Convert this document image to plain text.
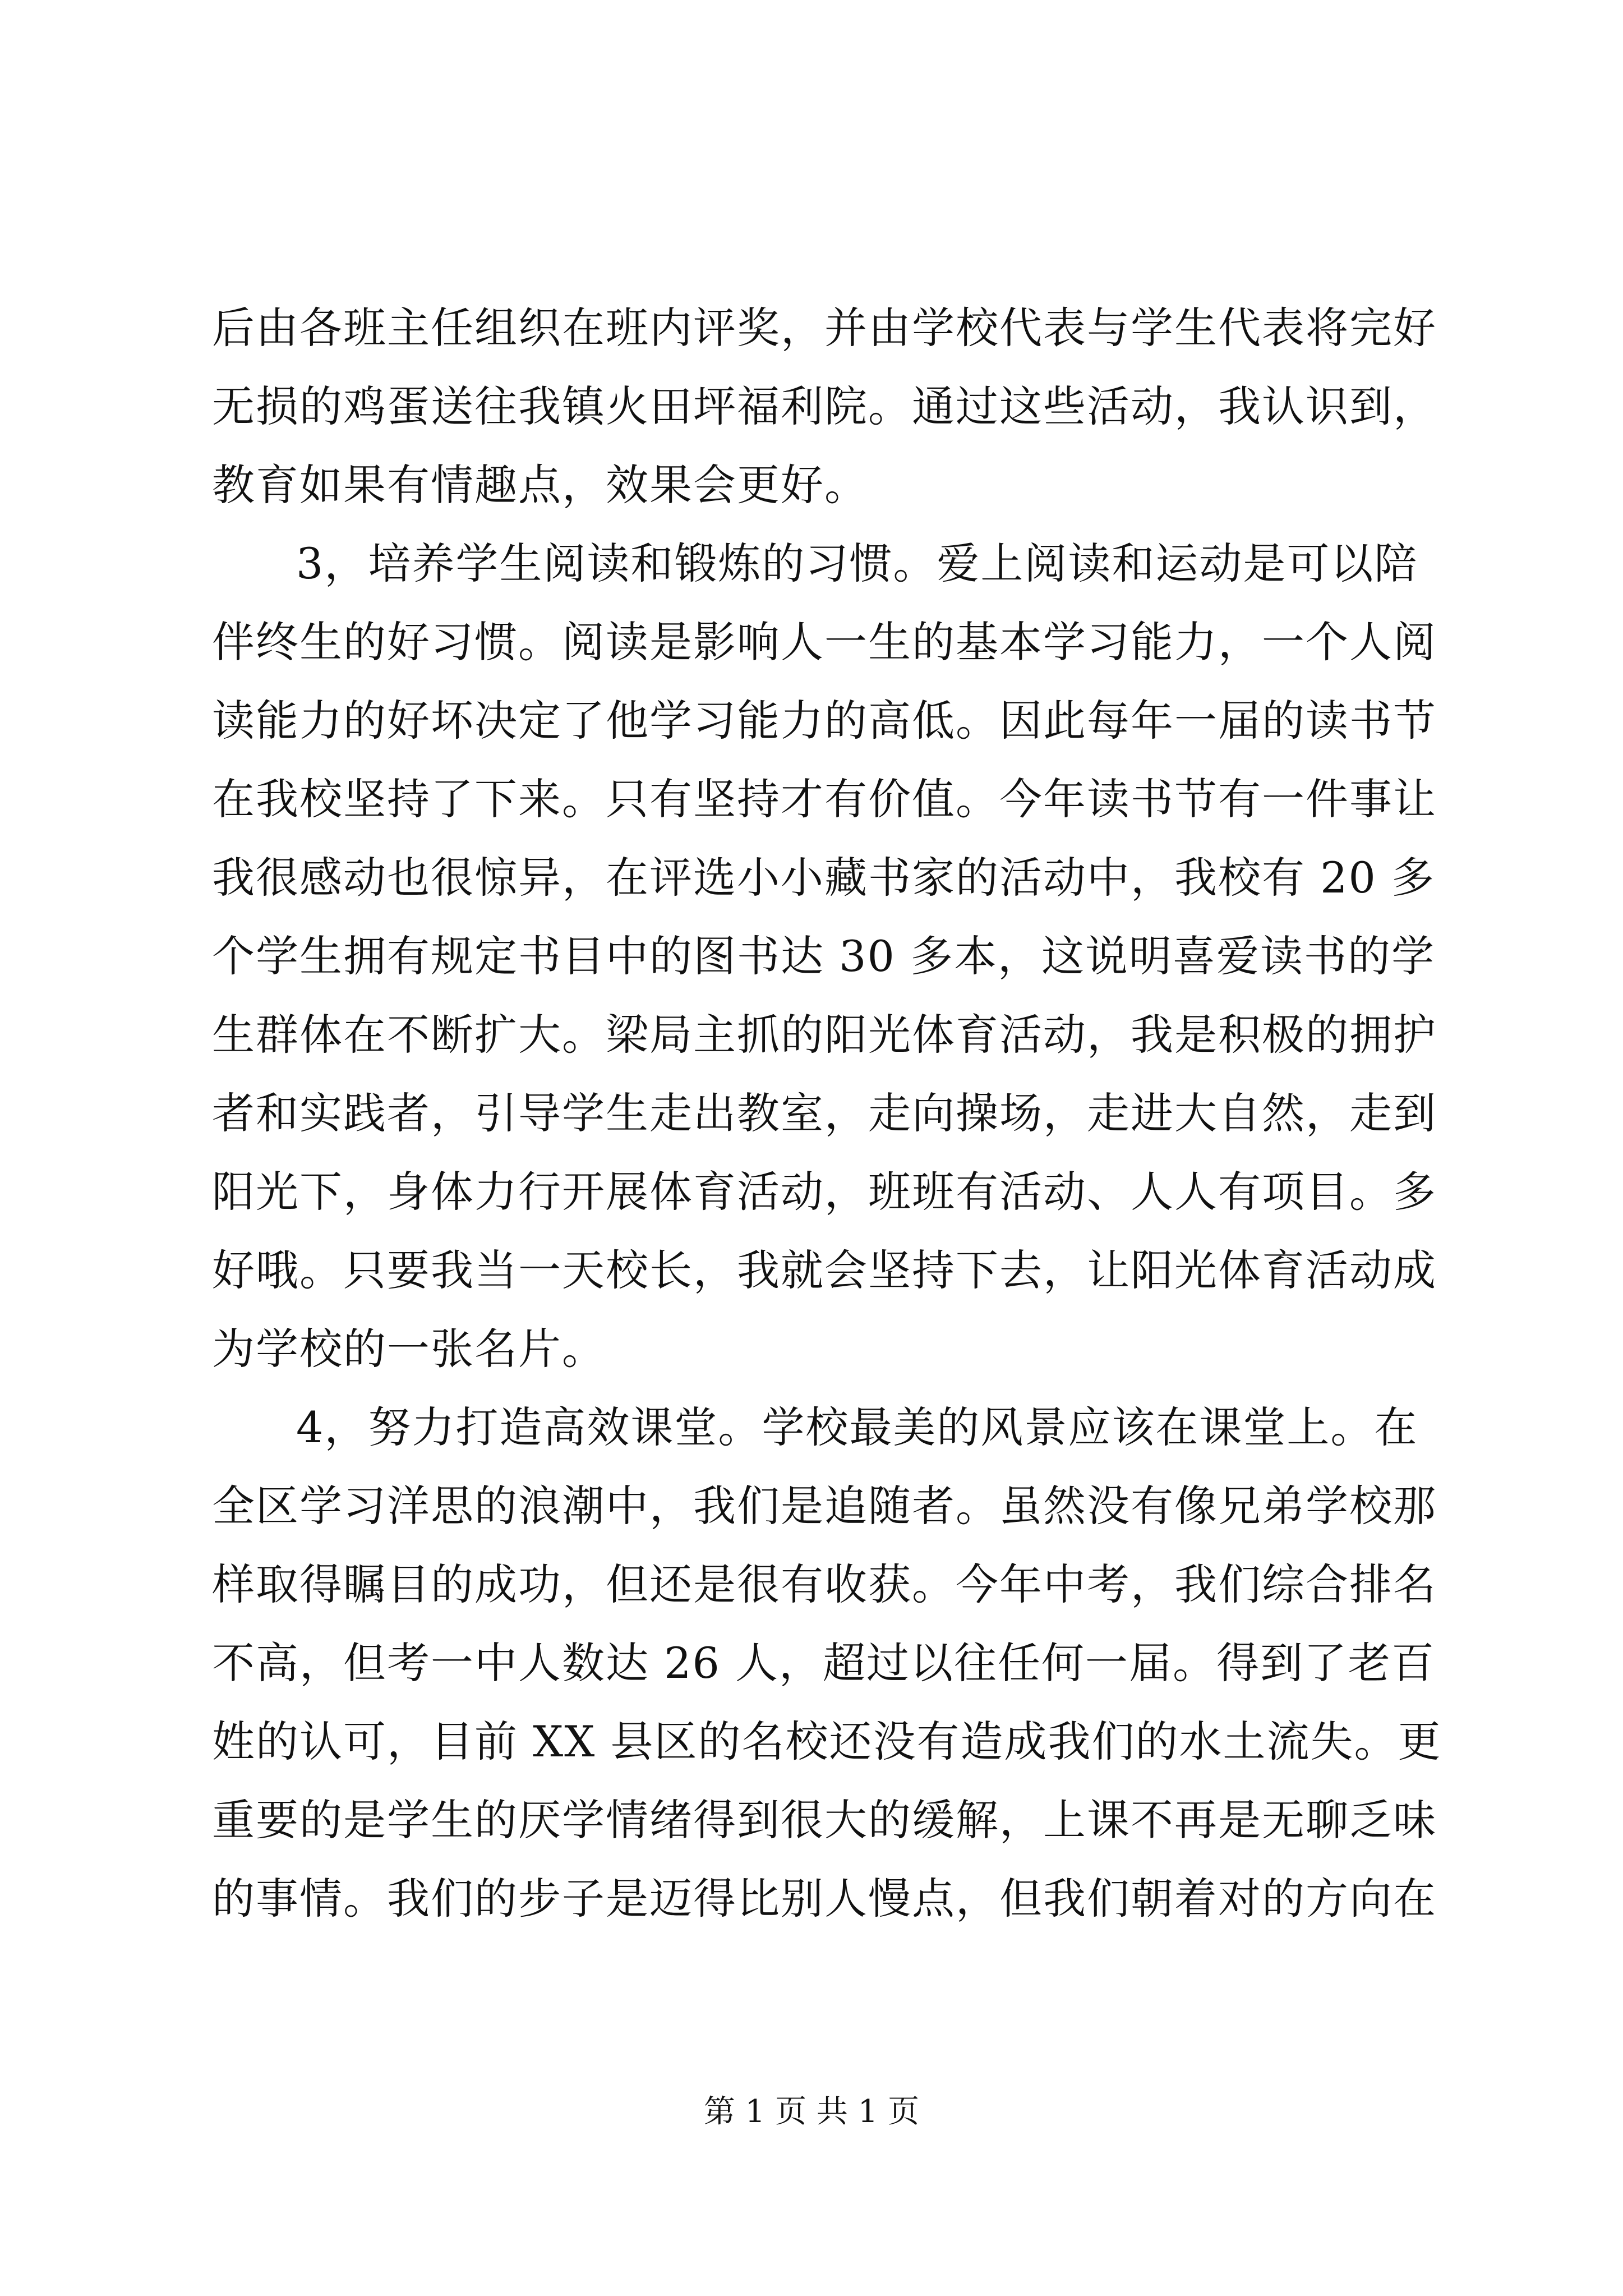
后由各班主任组织在班内评奖，并由学校代表与学生代表将完好
无损的鸡蛋送往我镇火田坪福利院。通过这些活动，我认识到，
教育如果有情趣点，效果会更好。
3，培养学生阅读和锻炼的习惯。爱上阅读和运动是可以陪
伴终生的好习惯。阅读是影响人一生的基本学习能力，一个人阅
读能力的好坏决定了他学习能力的高低。因此每年一届的读书节
在我校坚持了下来。只有坚持才有价值。今年读书节有一件事让
我很感动也很惊异，在评选小小藏书家的活动中，我校有 20 多
个学生拥有规定书目中的图书达 30 多本，这说明喜爱读书的学
生群体在不断扩大。梁局主抓的阳光体育活动，我是积极的拥护
者和实践者，引导学生走出教室，走向操场，走进大自然，走到
阳光下，身体力行开展体育活动，班班有活动、人人有项目。多
好哦。只要我当一天校长，我就会坚持下去，让阳光体育活动成
为学校的一张名片。
4，努力打造高效课堂。学校最美的风景应该在课堂上。在
全区学习洋思的浪潮中，我们是追随者。虽然没有像兄弟学校那
样取得瞩目的成功，但还是很有收获。今年中考，我们综合排名
不高，但考一中人数达 26 人，超过以往任何一届。得到了老百
姓的认可，目前 XX 县区的名校还没有造成我们的水土流失。更
重要的是学生的厌学情绪得到很大的缓解，上课不再是无聊乏味
的事情。我们的步子是迈得比别人慢点，但我们朝着对的方向在
第 1 页 共 1 页
